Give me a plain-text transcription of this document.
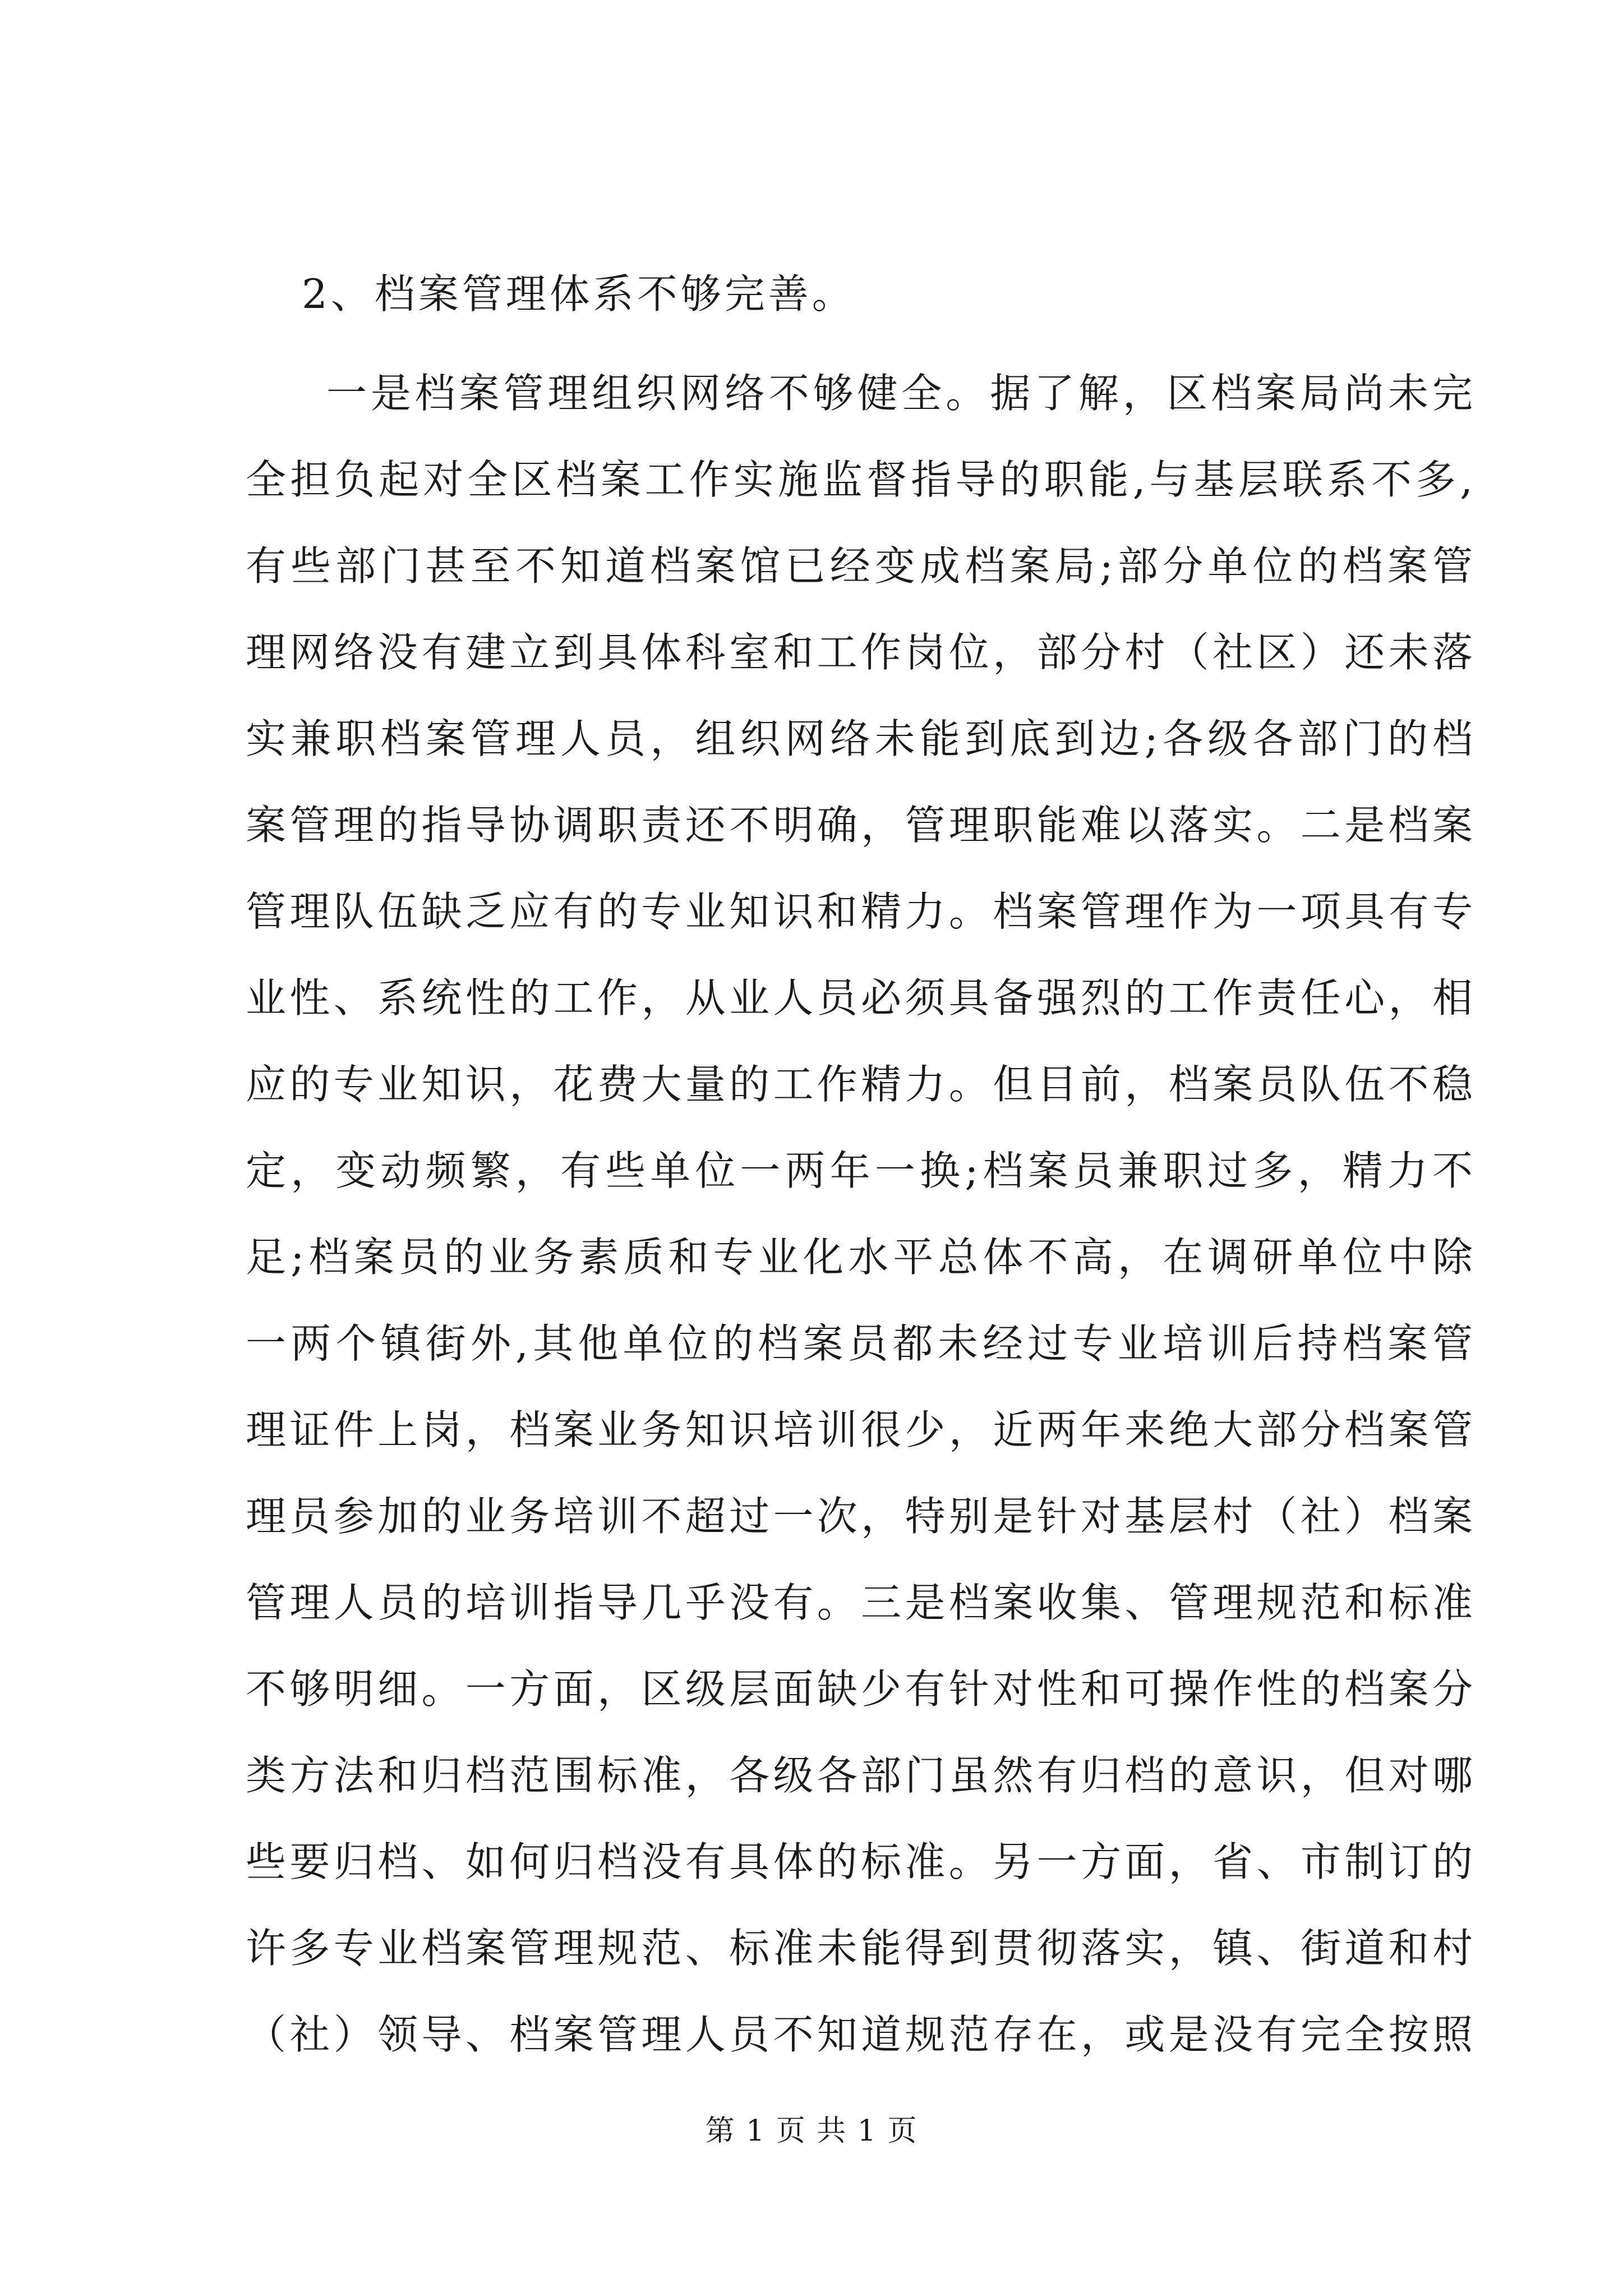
2、档案管理体系不够完善。

一是档案管理组织网络不够健全。据了解，区档案局尚未完
全担负起对全区档案工作实施监督指导的职能,与基层联系不多,
有些部门甚至不知道档案馆已经变成档案局;部分单位的档案管
理网络没有建立到具体科室和工作岗位，部分村（社区）还未落
实兼职档案管理人员，组织网络未能到底到边;各级各部门的档
案管理的指导协调职责还不明确，管理职能难以落实。二是档案
管理队伍缺乏应有的专业知识和精力。档案管理作为一项具有专
业性、系统性的工作，从业人员必须具备强烈的工作责任心，相
应的专业知识，花费大量的工作精力。但目前，档案员队伍不稳
定，变动频繁，有些单位一两年一换;档案员兼职过多，精力不
足;档案员的业务素质和专业化水平总体不高，在调研单位中除
一两个镇街外,其他单位的档案员都未经过专业培训后持档案管
理证件上岗，档案业务知识培训很少，近两年来绝大部分档案管
理员参加的业务培训不超过一次，特别是针对基层村（社）档案
管理人员的培训指导几乎没有。三是档案收集、管理规范和标准
不够明细。一方面，区级层面缺少有针对性和可操作性的档案分
类方法和归档范围标准，各级各部门虽然有归档的意识，但对哪
些要归档、如何归档没有具体的标准。另一方面，省、市制订的
许多专业档案管理规范、标准未能得到贯彻落实，镇、街道和村
（社）领导、档案管理人员不知道规范存在，或是没有完全按照
第 1 页 共 1 页
